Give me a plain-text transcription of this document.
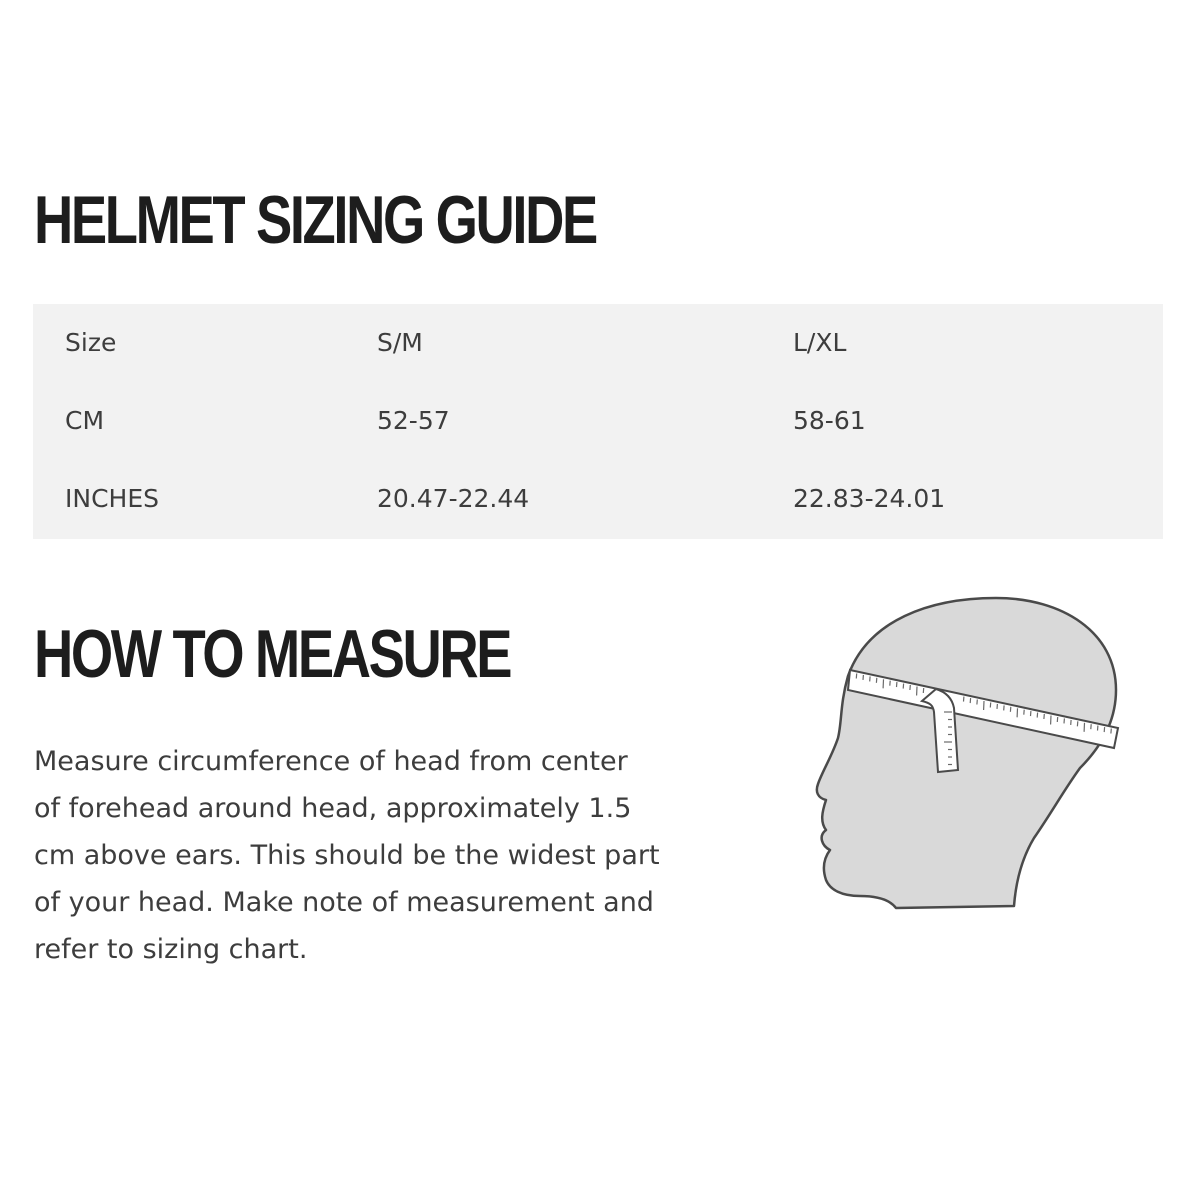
HELMET SIZING GUIDE
Size	S/M	L/XL
CM	52-57	58-61
INCHES	20.47-22.44	22.83-24.01
HOW TO MEASURE

Measure circumference of head from center
of forehead around head, approximately 1.5
cm above ears. This should be the widest part
of your head. Make note of measurement and
refer to sizing chart.
